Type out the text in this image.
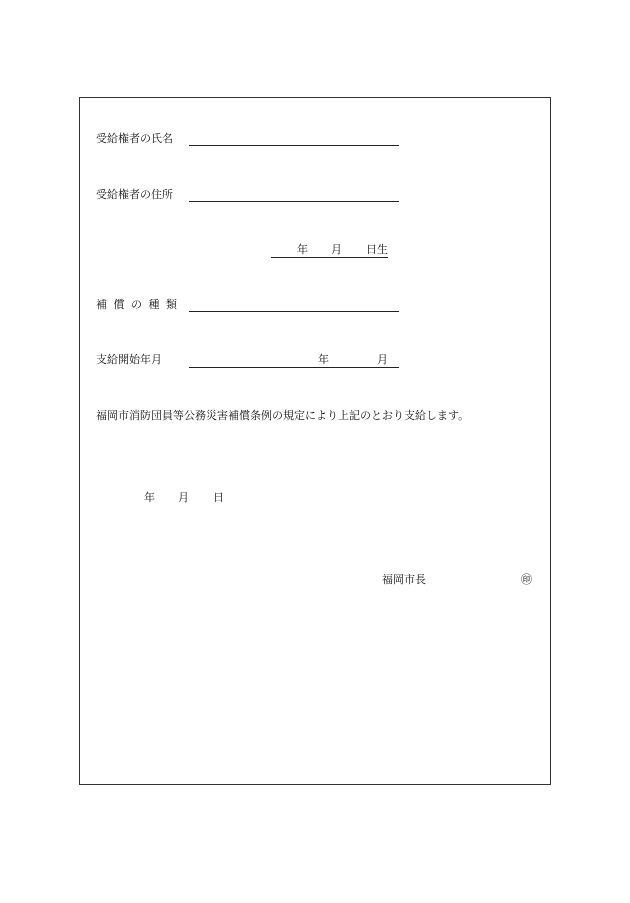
受給権者の氏名
受給権者の住所
年 月 日生
補償の種類
支給開始年月	年	月
福岡市消防団員等公務災害補償条例の規定により上記のとおり支給します。
年 月 日
福岡市長	㊞
